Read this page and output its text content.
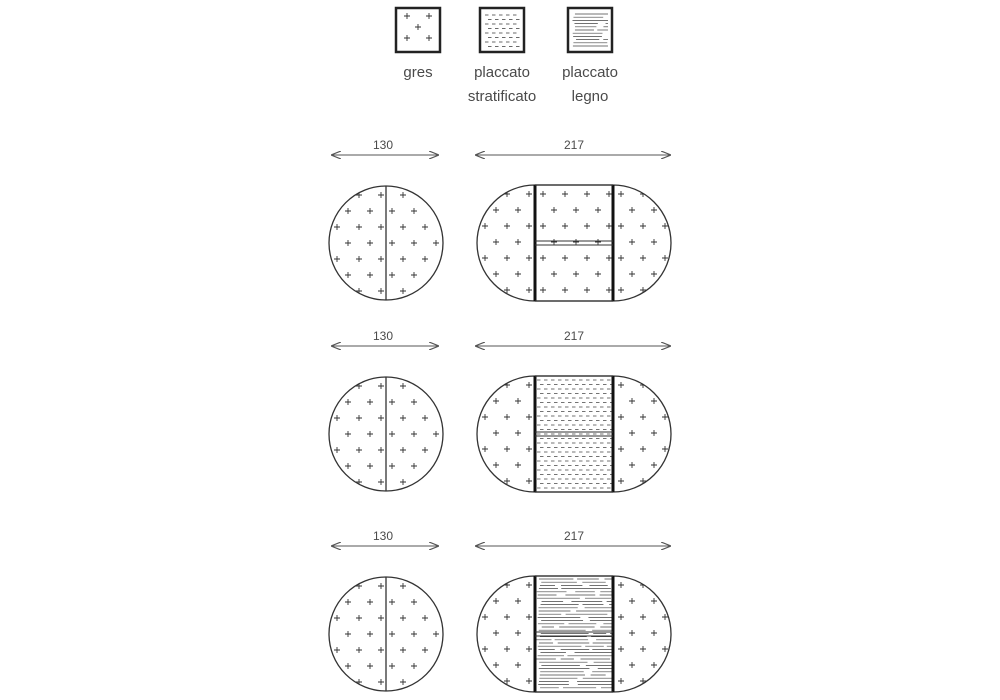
gres	placcato
stratificato
placcato
legno
130	217
130	217
130	217
